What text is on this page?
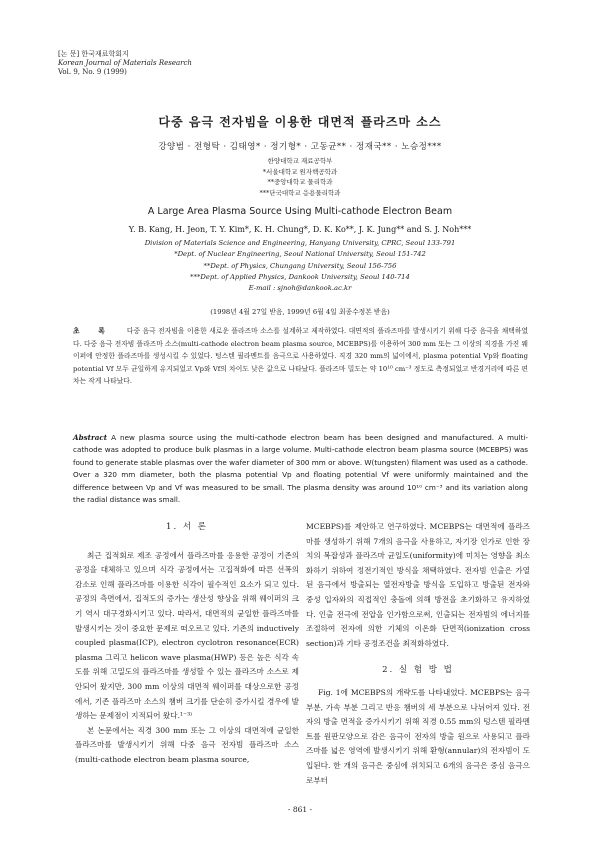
[논 문] 한국재료학회지
Korean Journal of Materials Research
Vol. 9, No. 9 (1999)
다중 음극 전자빔을 이용한 대면적 플라즈마 소스
강양범 · 전형탁 · 김태영* · 정기형* · 고동균** · 정재국** · 노승정***
한양대학교 재료공학부
*서울대학교 원자핵공학과
**중앙대학교 물리학과
***단국대학교 응용물리학과
A Large Area Plasma Source Using Multi-cathode Electron Beam
Y. B. Kang, H. Jeon, T. Y. Kim*, K. H. Chung*, D. K. Ko**, J. K. Jung** and S. J. Noh***
Division of Materials Science and Engineering, Hanyang University, CPRC, Seoul 133-791
*Dept. of Nuclear Engineering, Seoul National University, Seoul 151-742
**Dept. of Physics, Chungang University, Seoul 156-756
***Dept. of Applied Physics, Dankook University, Seoul 140-714
E-mail : sjnoh@dankook.ac.kr
(1998년 4월 27일 받음, 1999년 6월 4일 최종수정본 받음)
초 록 다중 음극 전자빔을 이용한 새로운 플라즈마 소스를 설계하고 제작하였다. 대면적의 플라즈마를 발생시키기 위해 다중 음극을 채택하였다. 다중 음극 전자빔 플라즈마 소스(multi-cathode electron beam plasma source, MCEBPS)를 이용하여 300 mm 또는 그 이상의 직경을 가진 웨이퍼에 안정한 플라즈마를 생성시킬 수 있었다. 텅스텐 필라멘트를 음극으로 사용하였다. 직경 320 mm의 넓이에서, plasma potential Vp와 floating potential Vf 모두 균일하게 유지되었고 Vp와 Vf의 차이도 낮은 값으로 나타났다. 플라즈마 밀도는 약 10¹⁰ cm⁻³ 정도로 측정되었고 반경거리에 따른 편차는 작게 나타났다.
Abstract A new plasma source using the multi-cathode electron beam has been designed and manufactured. A multi-cathode was adopted to produce bulk plasmas in a large volume. Multi-cathode electron beam plasma source (MCEBPS) was found to generate stable plasmas over the wafer diameter of 300 mm or above. W(tungsten) filament was used as a cathode. Over a 320 mm diameter, both the plasma potential Vp and floating potential Vf were uniformly maintained and the difference between Vp and Vf was measured to be small. The plasma density was around 10¹⁰ cm⁻³ and its variation along the radial distance was small.
1. 서 론

최근 집적회로 제조 공정에서 플라즈마를 응용한 공정이 기존의 공정을 대체하고 있으며 식각 공정에서는 고집적화에 따른 선폭의 감소로 인해 플라즈마를 이용한 식각이 필수적인 요소가 되고 있다. 공정의 측면에서, 집적도의 증가는 생산성 향상을 위해 웨이퍼의 크기 역시 대구경화시키고 있다. 따라서, 대면적의 균일한 플라즈마를 발생시키는 것이 중요한 문제로 떠오르고 있다. 기존의 inductively coupled plasma(ICP), electron cyclotron resonance(ECR) plasma 그리고 helicon wave plasma(HWP) 등은 높은 식각 속도를 위해 고밀도의 플라즈마를 생성할 수 있는 플라즈마 소스로 제안되어 왔지만, 300 mm 이상의 대면적 웨이퍼를 대상으로한 공정에서, 기존 플라즈마 소스의 챔버 크기를 단순히 증가시킬 경우에 발생하는 문제점이 지적되어 왔다.¹⁻³⁾

본 논문에서는 직경 300 mm 또는 그 이상의 대면적에 균일한 플라즈마를 발생시키기 위해 다중 음극 전자빔 플라즈마 소스(multi-cathode electron beam plasma source,

MCEBPS)를 제안하고 연구하였다. MCEBPS는 대면적에 플라즈마를 생성하기 위해 7개의 음극을 사용하고, 자기장 인가로 인한 장치의 복잡성과 플라즈마 균일도(uniformity)에 미치는 영향을 최소화하기 위하여 정전기적인 방식을 채택하였다. 전자빔 인출은 가열된 음극에서 방출되는 열전자방출 방식을 도입하고 방출된 전자와 중성 입자와의 직접적인 충돌에 의해 방전을 초기화하고 유지하였다. 인출 전극에 전압을 인가함으로써, 인출되는 전자빔의 에너지를 조절하여 전자에 의한 기체의 이온화 단면적(ionization cross section)과 기타 공정조건을 최적화하였다.

2. 실 험 방 법

Fig. 1에 MCEBPS의 개략도를 나타내었다. MCEBPS는 음극 부분, 가속 부분 그리고 반응 챔버의 세 부분으로 나뉘어져 있다. 전자의 방출 면적을 증가시키기 위해 직경 0.55 mm의 텅스텐 필라멘트를 원판모양으로 감은 음극이 전자의 방출 원으로 사용되고 플라즈마를 넓은 영역에 발생시키기 위해 환형(annular)의 전자빔이 도입된다. 한 개의 음극은 중심에 위치되고 6개의 음극은 중심 음극으로부터

- 861 -
